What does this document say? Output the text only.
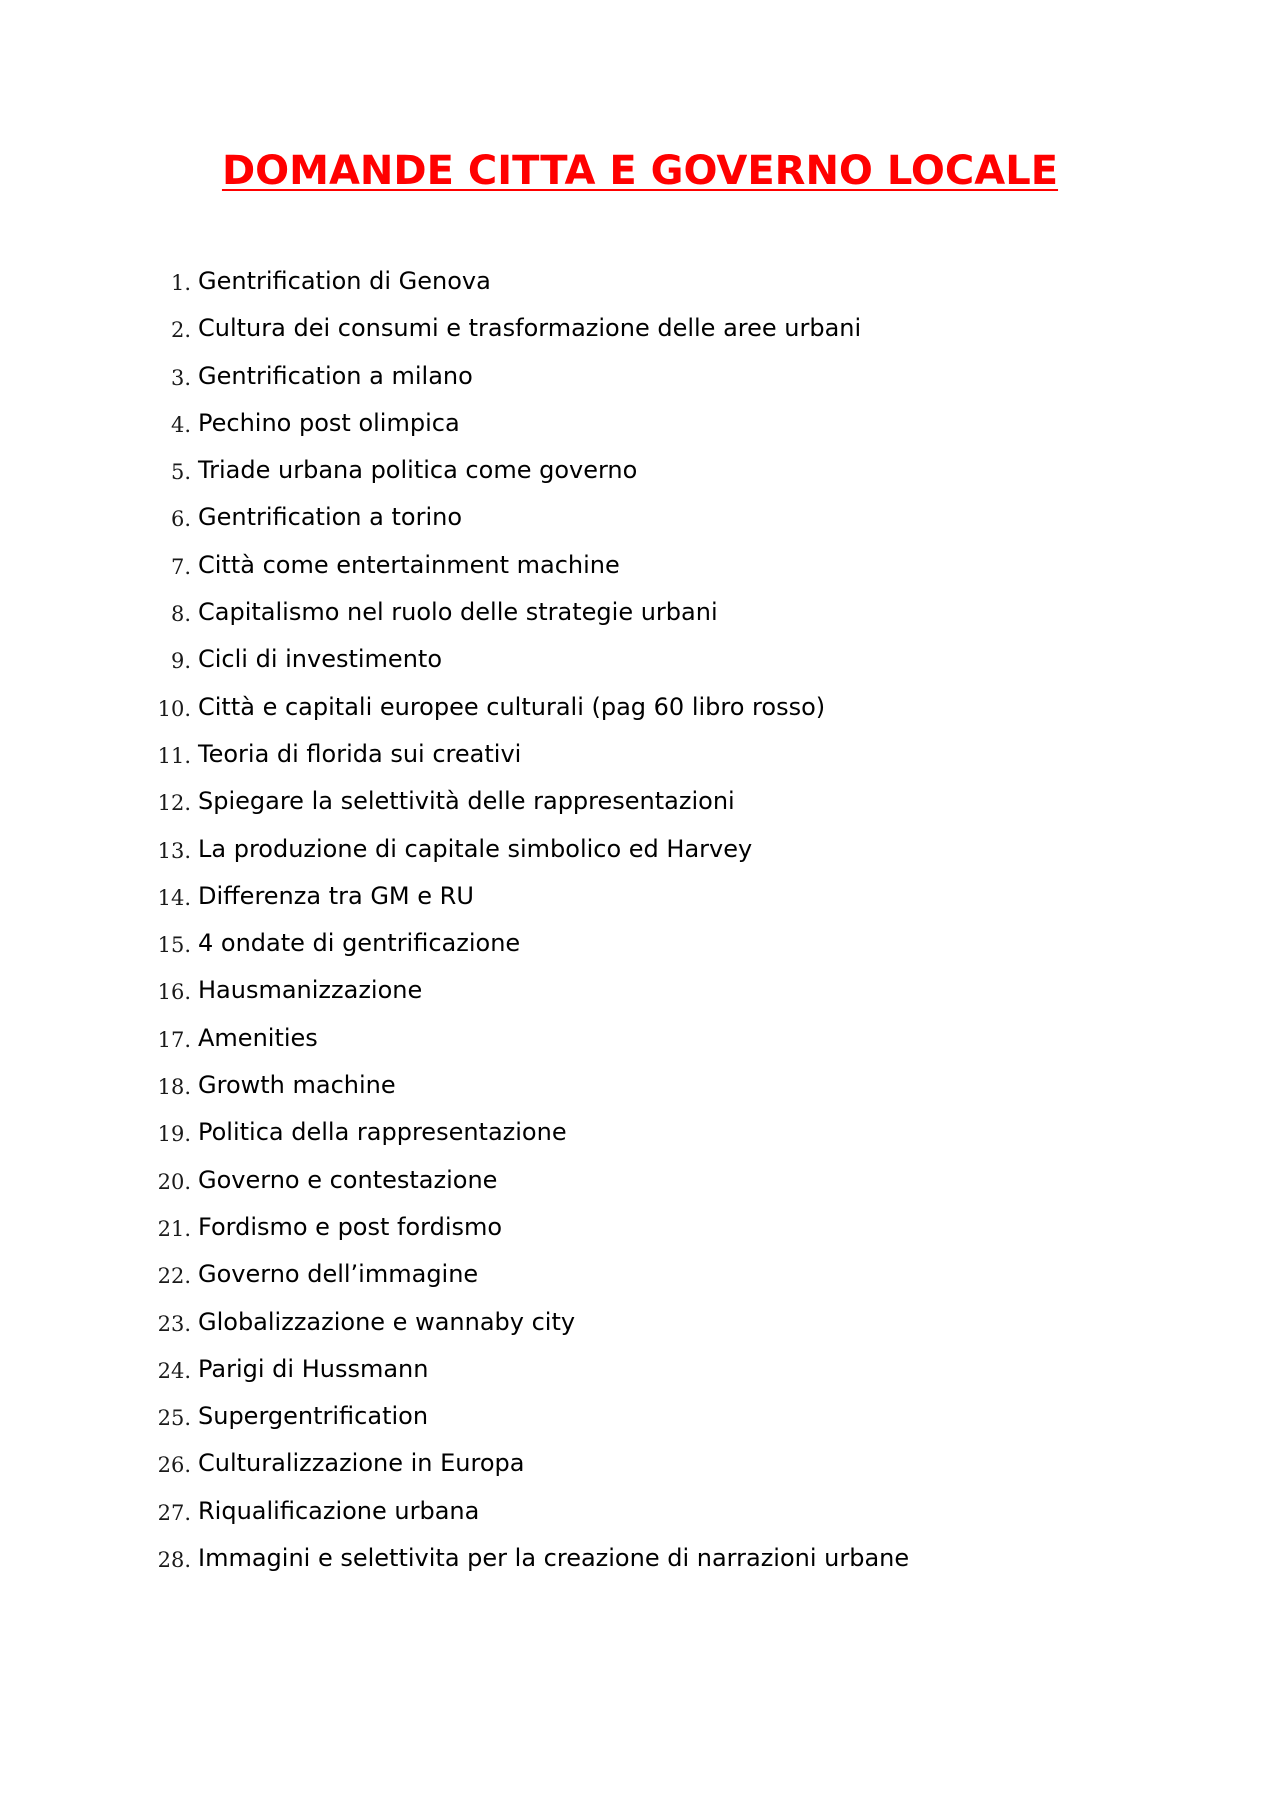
DOMANDE CITTA E GOVERNO LOCALE
1. Gentrification di Genova
2. Cultura dei consumi e trasformazione delle aree urbani
3. Gentrification a milano
4. Pechino post olimpica
5. Triade urbana politica come governo
6. Gentrification a torino
7. Città come entertainment machine
8. Capitalismo nel ruolo delle strategie urbani
9. Cicli di investimento
10. Città e capitali europee culturali (pag 60 libro rosso)
11. Teoria di florida sui creativi
12. Spiegare la selettività delle rappresentazioni
13. La produzione di capitale simbolico ed Harvey
14. Differenza tra GM e RU
15. 4 ondate di gentrificazione
16. Hausmanizzazione
17. Amenities
18. Growth machine
19. Politica della rappresentazione
20. Governo e contestazione
21. Fordismo e post fordismo
22. Governo dell’immagine
23. Globalizzazione e wannaby city
24. Parigi di Hussmann
25. Supergentrification
26. Culturalizzazione in Europa
27. Riqualificazione urbana
28. Immagini e selettivita per la creazione di narrazioni urbane
